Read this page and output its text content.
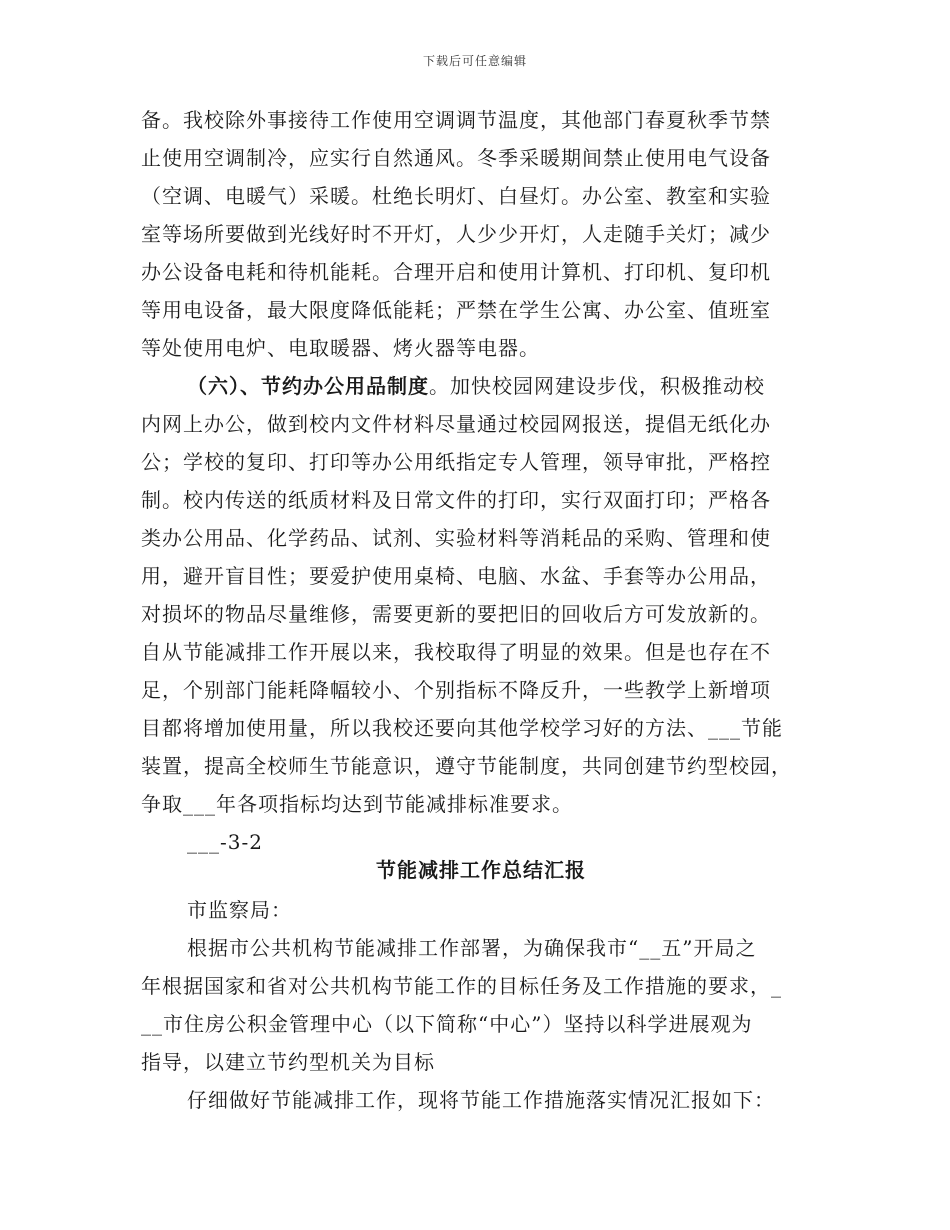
下载后可任意编辑
备。我校除外事接待工作使用空调调节温度，其他部门春夏秋季节禁
止使用空调制冷，应实行自然通风。冬季采暖期间禁止使用电气设备
（空调、电暖气）采暖。杜绝长明灯、白昼灯。办公室、教室和实验
室等场所要做到光线好时不开灯，人少少开灯，人走随手关灯；减少
办公设备电耗和待机能耗。合理开启和使用计算机、打印机、复印机
等用电设备，最大限度降低能耗；严禁在学生公寓、办公室、值班室
等处使用电炉、电取暖器、烤火器等电器。
（六）、节约办公用品制度。加快校园网建设步伐，积极推动校
内网上办公，做到校内文件材料尽量通过校园网报送，提倡无纸化办
公；学校的复印、打印等办公用纸指定专人管理，领导审批，严格控
制。校内传送的纸质材料及日常文件的打印，实行双面打印；严格各
类办公用品、化学药品、试剂、实验材料等消耗品的采购、管理和使
用，避开盲目性；要爱护使用桌椅、电脑、水盆、手套等办公用品，
对损坏的物品尽量维修，需要更新的要把旧的回收后方可发放新的。
自从节能减排工作开展以来，我校取得了明显的效果。但是也存在不
足，个别部门能耗降幅较小、个别指标不降反升，一些教学上新增项
目都将增加使用量，所以我校还要向其他学校学习好的方法、___节能
装置，提高全校师生节能意识，遵守节能制度，共同创建节约型校园，
争取___年各项指标均达到节能减排标准要求。
___-3-2
节能减排工作总结汇报
市监察局：
根据市公共机构节能减排工作部署，为确保我市“__五”开局之
年根据国家和省对公共机构节能工作的目标任务及工作措施的要求，_
__市住房公积金管理中心（以下简称“中心”）坚持以科学进展观为
指导，以建立节约型机关为目标
仔细做好节能减排工作，现将节能工作措施落实情况汇报如下：
